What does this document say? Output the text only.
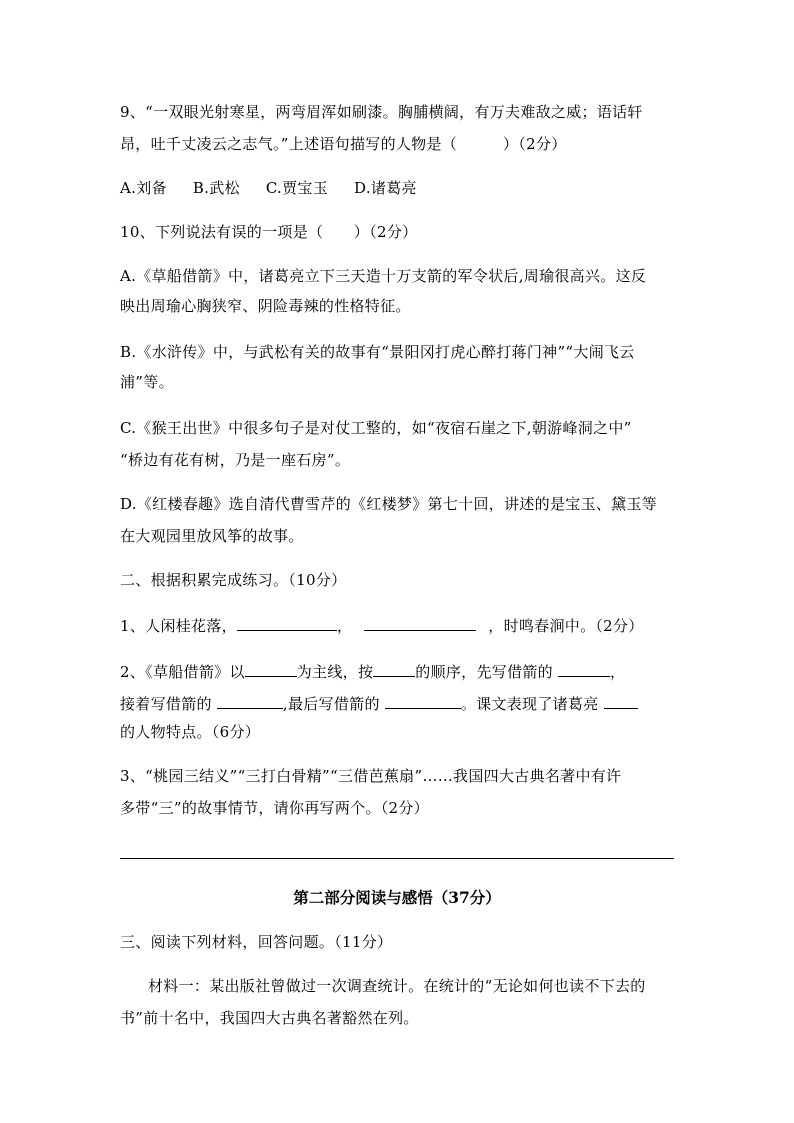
9、“一双眼光射寒星，两弯眉浑如刷漆。胸脯横阔，有万夫难敌之威；语话轩
昂，吐千丈凌云之志气。”上述语句描写的人物是（　　　）（2分）
A.刘备 B.武松 C.贾宝玉 D.诸葛亮
10、下列说法有误的一项是（　　）（2分）
A.《草船借箭》中，诸葛亮立下三天造十万支箭的军令状后,周瑜很高兴。这反
映出周瑜心胸狭窄、阴险毒辣的性格特征。
B.《水浒传》中，与武松有关的故事有“景阳冈打虎心醉打蒋门神”“大闹飞云
浦”等。
C.《猴王出世》中很多句子是对仗工整的，如“夜宿石崖之下,朝游峰洞之中”
“桥边有花有树，乃是一座石房”。
D.《红楼春趣》选自清代曹雪芹的《红楼梦》第七十回，讲述的是宝玉、黛玉等
在大观园里放风筝的故事。
二、根据积累完成练习。（10分）
1、人闲桂花落，	，	，时鸣春涧中。（2分）
2、《草船借箭》以	为主线，按	的顺序，先写借箭的	，
接着写借箭的	,最后写借箭的	。课文表现了诸葛亮
的人物特点。（6分）
3、“桃园三结义”“三打白骨精”“三借芭蕉扇”……我国四大古典名著中有许
多带“三”的故事情节，请你再写两个。（2分）
第二部分阅读与感悟（37分）
三、阅读下列材料，回答问题。（11分）
材料一：某出版社曾做过一次调查统计。在统计的“无论如何也读不下去的
书”前十名中，我国四大古典名著豁然在列。
